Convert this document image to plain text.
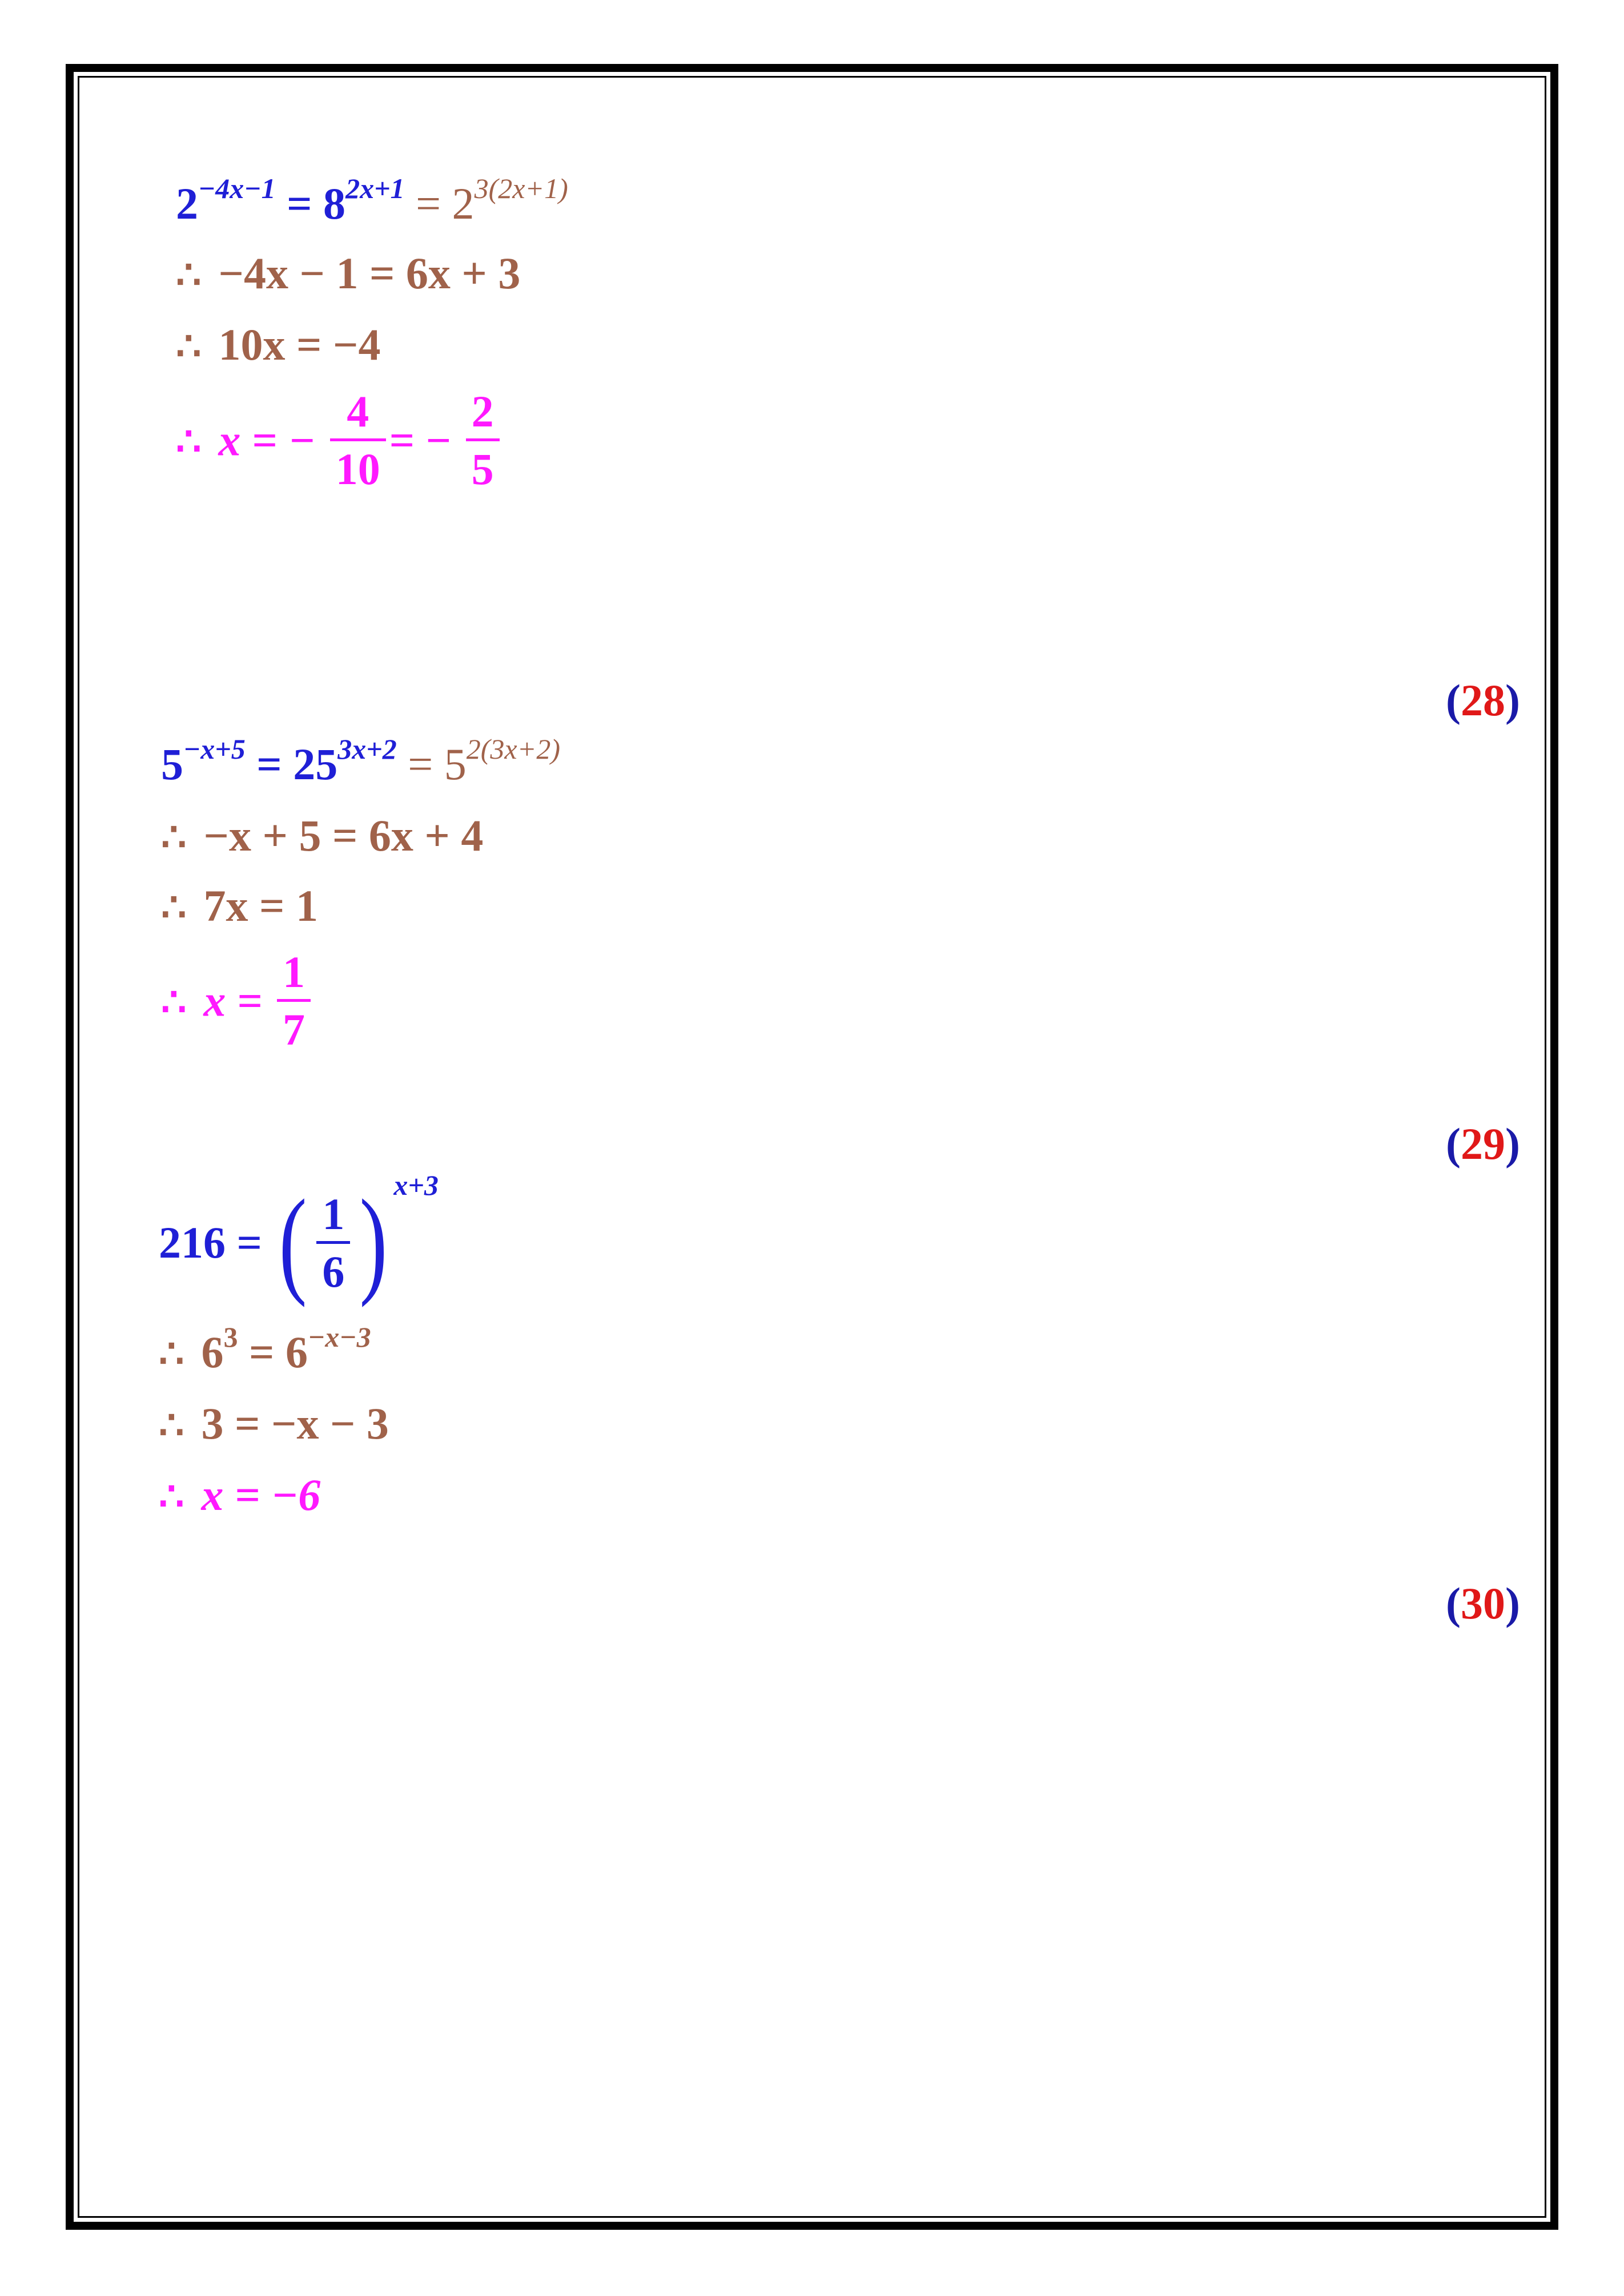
$2^{-4x-1} = 8^{2x+1} = 2^{3(2x+1)}$
∴ −4x − 1 = 6x + 3
∴ 10x = −4
∴ x = − $\frac{4}{10}$ = − $\frac{2}{5}$
(28)
$5^{-x+5} = 25^{3x+2} = 5^{2(3x+2)}$
∴ −x + 5 = 6x + 4
∴ 7x = 1
∴ $x = \frac{1}{7}$
(29)
216 = ( $\frac{1}{6}$ ) $^{x+3}$
∴ $6^3 = 6^{-x-3}$
∴ 3 = −x − 3
∴ x = −6
(30)
